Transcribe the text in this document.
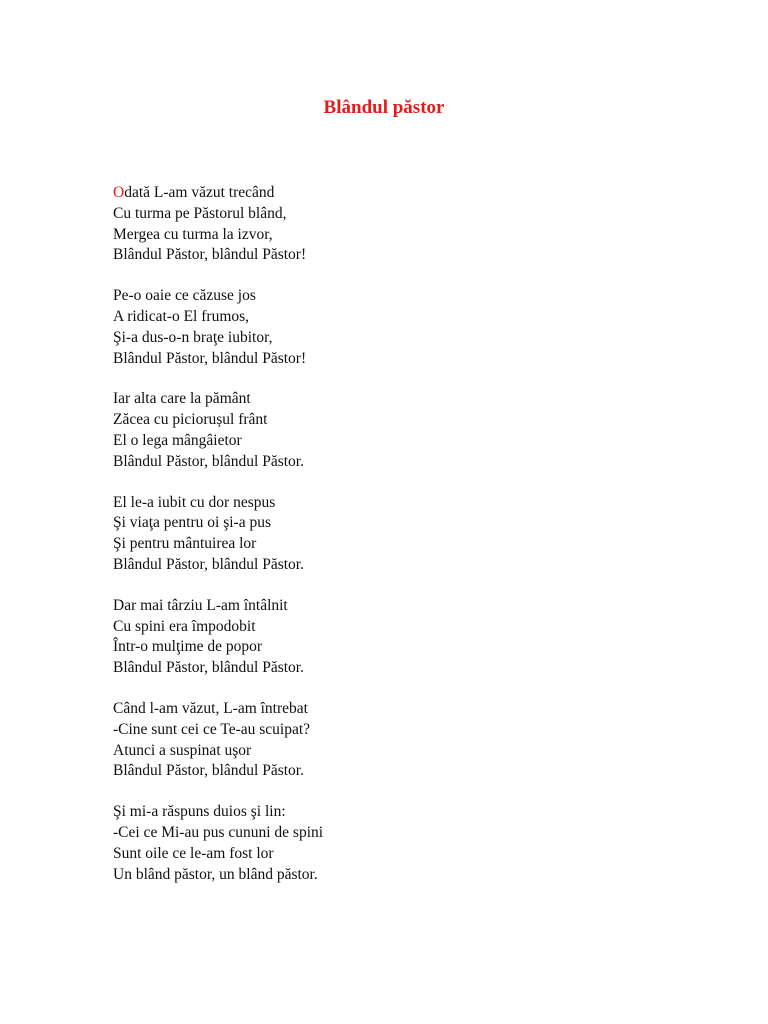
Blândul păstor
Odată L-am văzut trecând
Cu turma pe Păstorul blând,
Mergea cu turma la izvor,
Blândul Păstor, blândul Păstor!
Pe-o oaie ce căzuse jos
A ridicat-o El frumos,
Şi-a dus-o-n braţe iubitor,
Blândul Păstor, blândul Păstor!
Iar alta care la pământ
Zăcea cu piciorușul frânt
El o lega mângâietor
Blândul Păstor, blândul Păstor.
El le-a iubit cu dor nespus
Şi viaţa pentru oi şi-a pus
Şi pentru mântuirea lor
Blândul Păstor, blândul Păstor.
Dar mai târziu L-am întâlnit
Cu spini era împodobit
Într-o mulţime de popor
Blândul Păstor, blândul Păstor.
Când l-am văzut, L-am întrebat
-Cine sunt cei ce Te-au scuipat?
Atunci a suspinat uşor
Blândul Păstor, blândul Păstor.
Şi mi-a răspuns duios şi lin:
-Cei ce Mi-au pus cununi de spini
Sunt oile ce le-am fost lor
Un blând păstor, un blând păstor.
